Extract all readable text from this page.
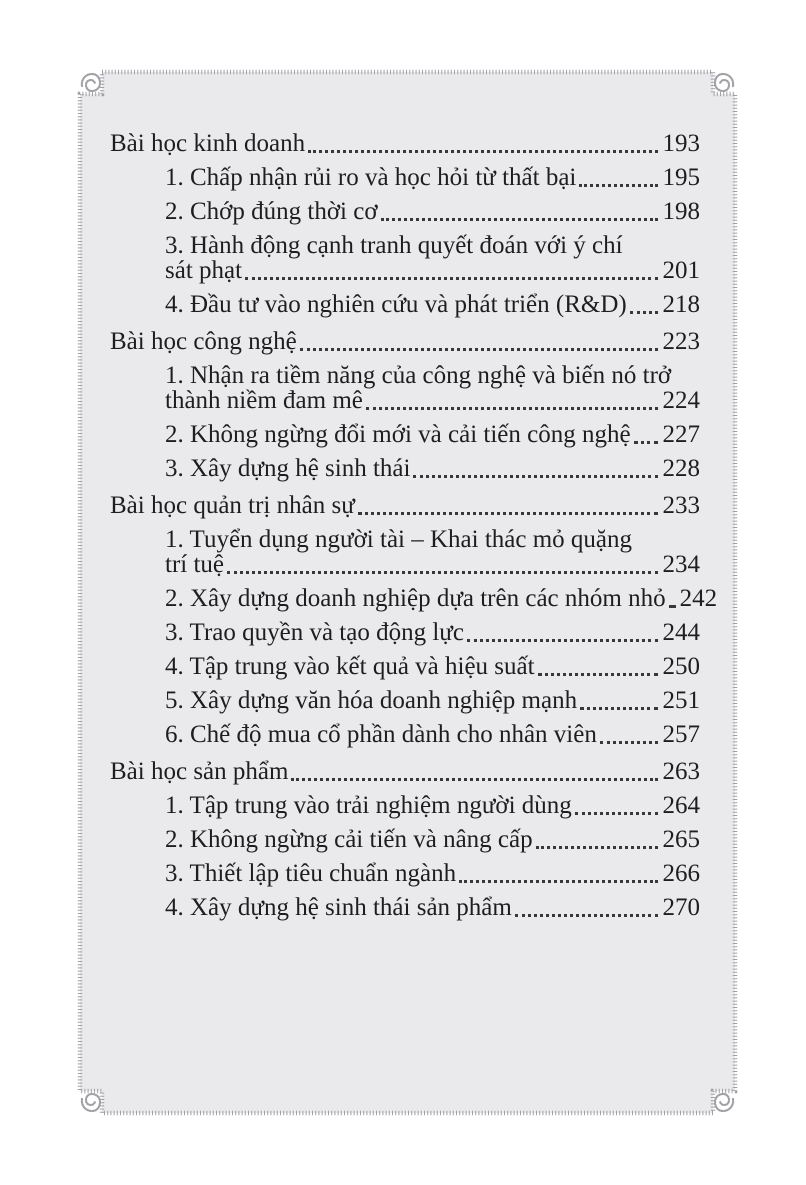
Bài học kinh doanh	193
1. Chấp nhận rủi ro và học hỏi từ thất bại	195
2. Chớp đúng thời cơ	198
3. Hành động cạnh tranh quyết đoán với ý chí
sát phạt	201
4. Đầu tư vào nghiên cứu và phát triển (R&D) 218
Bài học công nghệ	223
1. Nhận ra tiềm năng của công nghệ và biến nó trở
thành niềm đam mê	224
2. Không ngừng đổi mới và cải tiến công nghệ 227
3. Xây dựng hệ sinh thái	228
Bài học quản trị nhân sự	233
1. Tuyển dụng người tài – Khai thác mỏ quặng
trí tuệ	234
2. Xây dựng doanh nghiệp dựa trên các nhóm nhỏ 242
3. Trao quyền và tạo động lực	244
4. Tập trung vào kết quả và hiệu suất	250
5. Xây dựng văn hóa doanh nghiệp mạnh	251
6. Chế độ mua cổ phần dành cho nhân viên	257
Bài học sản phẩm	263
1. Tập trung vào trải nghiệm người dùng	264
2. Không ngừng cải tiến và nâng cấp	265
3. Thiết lập tiêu chuẩn ngành	266
4. Xây dựng hệ sinh thái sản phẩm	270
